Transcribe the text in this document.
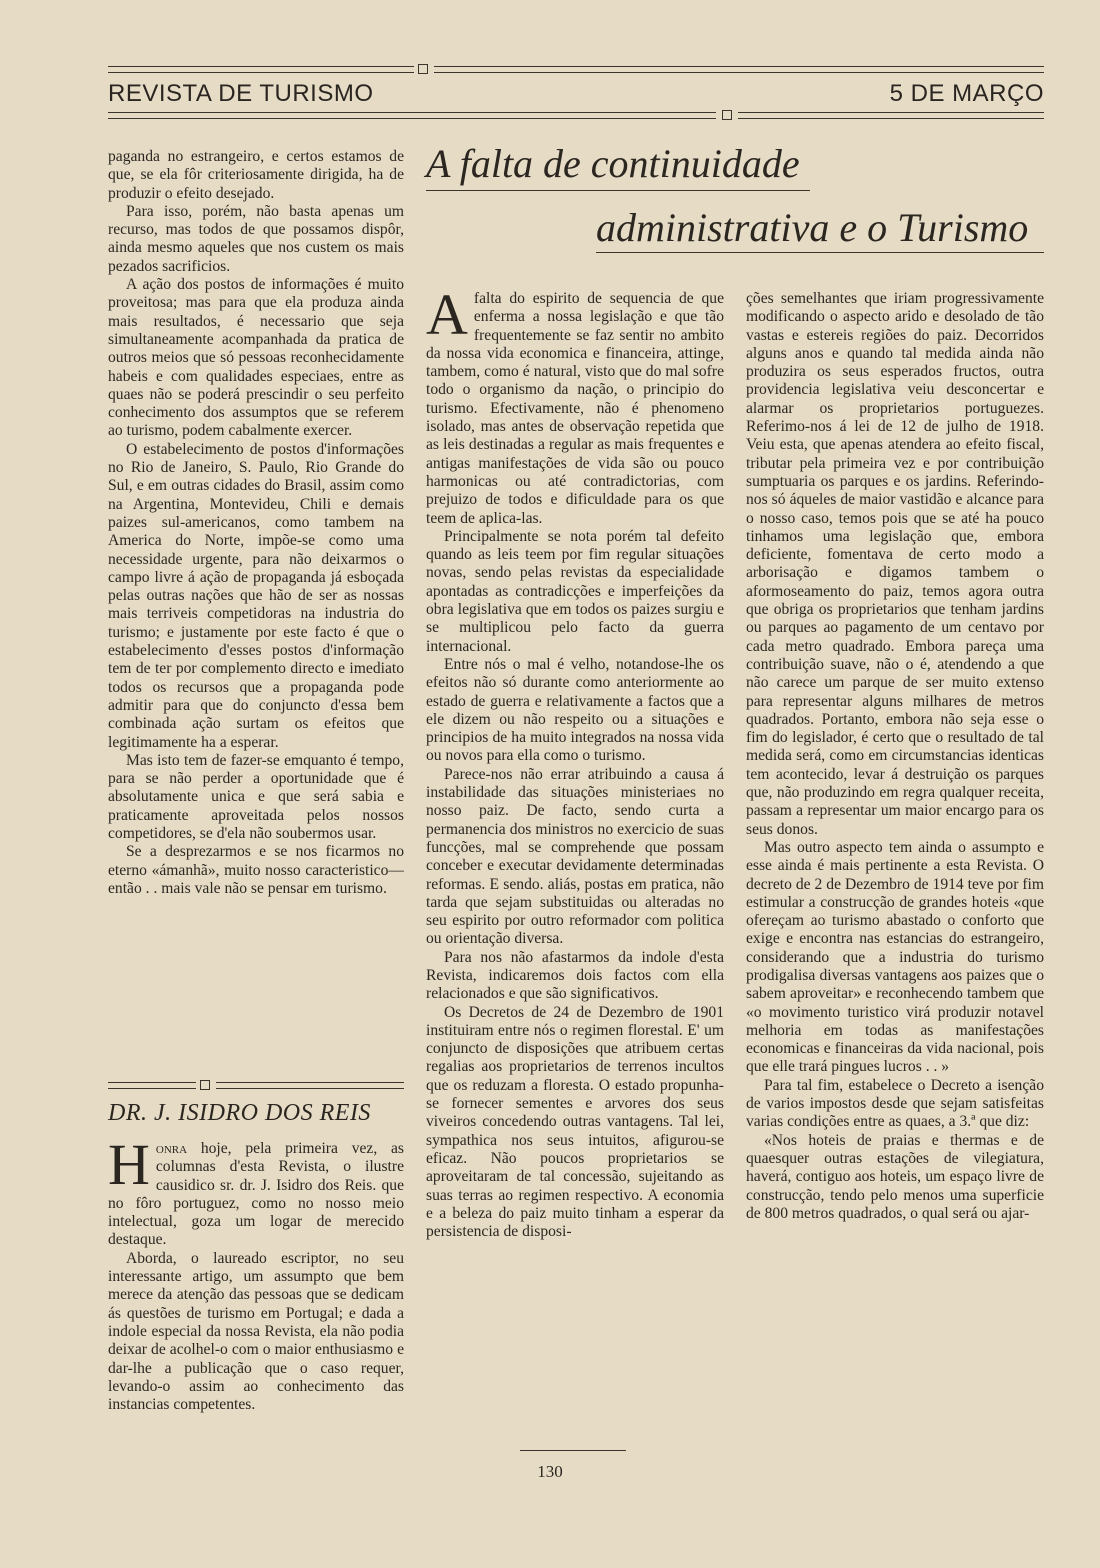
REVISTA DE TURISMO	5 DE MARÇO

paganda no estrangeiro, e certos estamos de que, se ela fôr criteriosamente dirigida, ha de produzir o efeito desejado.

Para isso, porém, não basta apenas um recurso, mas todos de que possamos dispôr, ainda mesmo aqueles que nos custem os mais pezados sacrificios.

A ação dos postos de informações é muito proveitosa; mas para que ela produza ainda mais resultados, é necessario que seja simultaneamente acompanhada da pratica de outros meios que só pessoas reconhecidamente habeis e com qualidades especiaes, entre as quaes não se poderá prescindir o seu perfeito conhecimento dos assumptos que se referem ao turismo, podem cabalmente exercer.

O estabelecimento de postos d'informações no Rio de Janeiro, S. Paulo, Rio Grande do Sul, e em outras cidades do Brasil, assim como na Argentina, Montevideu, Chili e demais paizes sul-americanos, como tambem na America do Norte, impõe-se como uma necessidade urgente, para não deixarmos o campo livre á ação de propaganda já esboçada pelas outras nações que hão de ser as nossas mais terriveis competidoras na industria do turismo; e justamente por este facto é que o estabelecimento d'esses postos d'informação tem de ter por complemento directo e imediato todos os recursos que a propaganda pode admitir para que do conjuncto d'essa bem combinada ação surtam os efeitos que legitimamente ha a esperar.

Mas isto tem de fazer-se emquanto é tempo, para se não perder a oportunidade que é absolutamente unica e que será sabia e praticamente aproveitada pelos nossos competidores, se d'ela não soubermos usar.

Se a desprezarmos e se nos ficarmos no eterno «ámanhã», muito nosso caracteristico—então . . mais vale não se pensar em turismo.

DR. J. ISIDRO DOS REIS

Honra hoje, pela primeira vez, as columnas d'esta Revista, o ilustre causidico sr. dr. J. Isidro dos Reis. que no fôro portuguez, como no nosso meio intelectual, goza um logar de merecido destaque.

Aborda, o laureado escriptor, no seu interessante artigo, um assumpto que bem merece da atenção das pessoas que se dedicam ás questões de turismo em Portugal; e dada a indole especial da nossa Revista, ela não podia deixar de acolhel-o com o maior enthusiasmo e dar-lhe a publicação que o caso requer, levando-o assim ao conhecimento das instancias competentes.

A falta de continuidade
administrativa e o Turismo

A falta do espirito de sequencia de que enferma a nossa legislação e que tão frequentemente se faz sentir no ambito da nossa vida economica e financeira, attinge, tambem, como é natural, visto que do mal sofre todo o organismo da nação, o principio do turismo. Efectivamente, não é phenomeno isolado, mas antes de observação repetida que as leis destinadas a regular as mais frequentes e antigas manifestações de vida são ou pouco harmonicas ou até contradictorias, com prejuizo de todos e dificuldade para os que teem de aplica-las.

Principalmente se nota porém tal defeito quando as leis teem por fim regular situações novas, sendo pelas revistas da especialidade apontadas as contradicções e imperfeições da obra legislativa que em todos os paizes surgiu e se multiplicou pelo facto da guerra internacional.

Entre nós o mal é velho, notandose-lhe os efeitos não só durante como anteriormente ao estado de guerra e relativamente a factos que a ele dizem ou não respeito ou a situações e principios de ha muito integrados na nossa vida ou novos para ella como o turismo.

Parece-nos não errar atribuindo a causa á instabilidade das situações ministeriaes no nosso paiz. De facto, sendo curta a permanencia dos ministros no exercicio de suas funcções, mal se comprehende que possam conceber e executar devidamente determinadas reformas. E sendo. aliás, postas em pratica, não tarda que sejam substituidas ou alteradas no seu espirito por outro reformador com politica ou orientação diversa.

Para nos não afastarmos da indole d'esta Revista, indicaremos dois factos com ella relacionados e que são significativos.

Os Decretos de 24 de Dezembro de 1901 instituiram entre nós o regimen florestal. E' um conjuncto de disposições que atribuem certas regalias aos proprietarios de terrenos incultos que os reduzam a floresta. O estado propunha-se fornecer sementes e arvores dos seus viveiros concedendo outras vantagens. Tal lei, sympathica nos seus intuitos, afigurou-se eficaz. Não poucos proprietarios se aproveitaram de tal concessão, sujeitando as suas terras ao regimen respectivo. A economia e a beleza do paiz muito tinham a esperar da persistencia de disposi-

ções semelhantes que iriam progressivamente modificando o aspecto arido e desolado de tão vastas e estereis regiões do paiz. Decorridos alguns anos e quando tal medida ainda não produzira os seus esperados fructos, outra providencia legislativa veiu desconcertar e alarmar os proprietarios portuguezes. Referimo-nos á lei de 12 de julho de 1918. Veiu esta, que apenas atendera ao efeito fiscal, tributar pela primeira vez e por contribuição sumptuaria os parques e os jardins. Referindo-nos só áqueles de maior vastidão e alcance para o nosso caso, temos pois que se até ha pouco tinhamos uma legislação que, embora deficiente, fomentava de certo modo a arborisação e digamos tambem o aformoseamento do paiz, temos agora outra que obriga os proprietarios que tenham jardins ou parques ao pagamento de um centavo por cada metro quadrado. Embora pareça uma contribuição suave, não o é, atendendo a que não carece um parque de ser muito extenso para representar alguns milhares de metros quadrados. Portanto, embora não seja esse o fim do legislador, é certo que o resultado de tal medida será, como em circumstancias identicas tem acontecido, levar á destruição os parques que, não produzindo em regra qualquer receita, passam a representar um maior encargo para os seus donos.

Mas outro aspecto tem ainda o assumpto e esse ainda é mais pertinente a esta Revista. O decreto de 2 de Dezembro de 1914 teve por fim estimular a construcção de grandes hoteis «que ofereçam ao turismo abastado o conforto que exige e encontra nas estancias do estrangeiro, considerando que a industria do turismo prodigalisa diversas vantagens aos paizes que o sabem aproveitar» e reconhecendo tambem que «o movimento turistico virá produzir notavel melhoria em todas as manifestações economicas e financeiras da vida nacional, pois que elle trará pingues lucros . . »

Para tal fim, estabelece o Decreto a isenção de varios impostos desde que sejam satisfeitas varias condições entre as quaes, a 3.ª que diz:

«Nos hoteis de praias e thermas e de quaesquer outras estações de vilegiatura, haverá, contiguo aos hoteis, um espaço livre de construcção, tendo pelo menos uma superficie de 800 metros quadrados, o qual será ou ajar-

130
